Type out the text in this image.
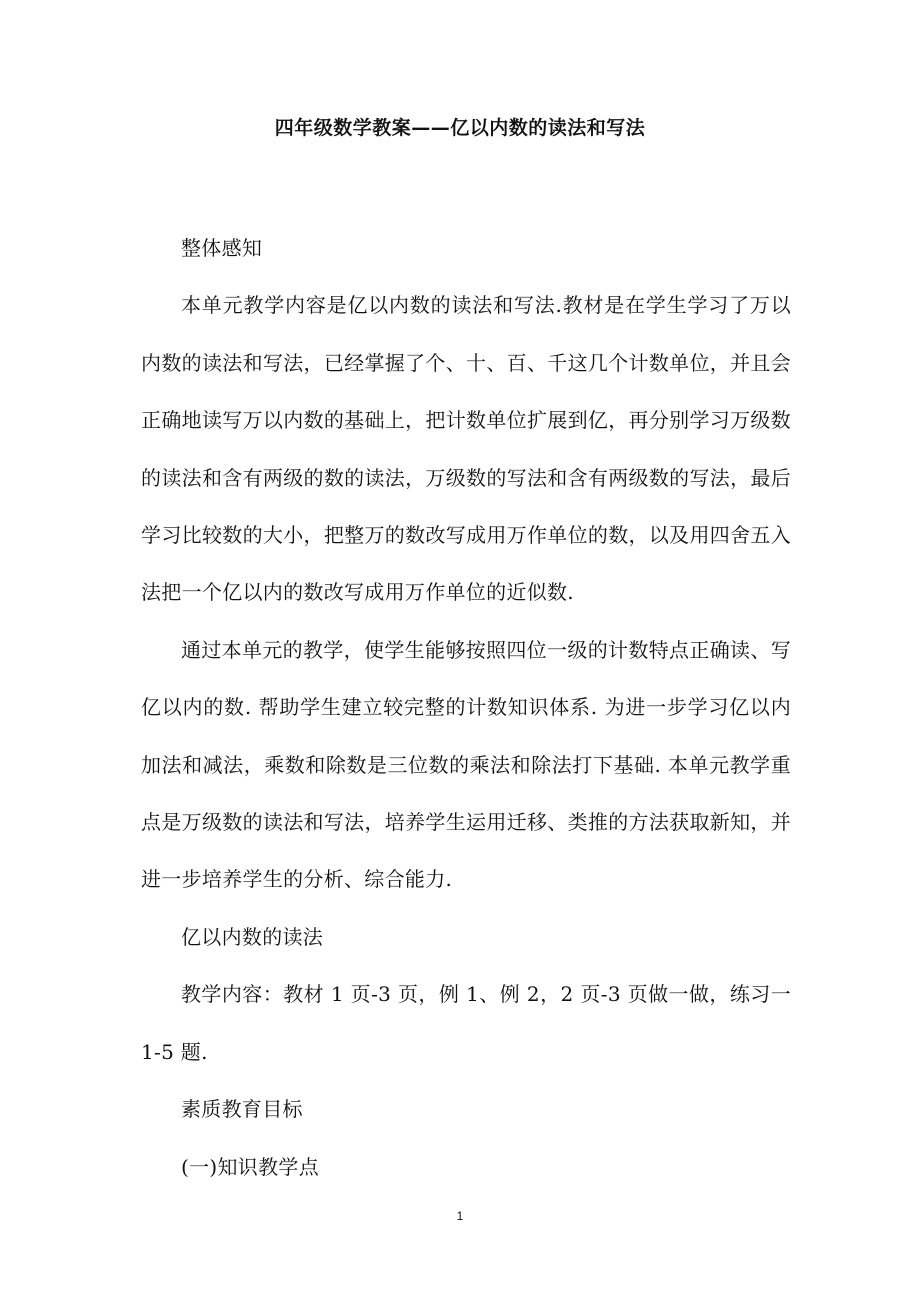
四年级数学教案——亿以内数的读法和写法

整体感知

本单元教学内容是亿以内数的读法和写法.教材是在学生学习了万以内数的读法和写法，已经掌握了个、十、百、千这几个计数单位，并且会正确地读写万以内数的基础上，把计数单位扩展到亿，再分别学习万级数的读法和含有两级的数的读法，万级数的写法和含有两级数的写法，最后学习比较数的大小，把整万的数改写成用万作单位的数，以及用四舍五入法把一个亿以内的数改写成用万作单位的近似数.

通过本单元的教学，使学生能够按照四位一级的计数特点正确读、写亿以内的数. 帮助学生建立较完整的计数知识体系. 为进一步学习亿以内加法和减法，乘数和除数是三位数的乘法和除法打下基础. 本单元教学重点是万级数的读法和写法，培养学生运用迁移、类推的方法获取新知，并进一步培养学生的分析、综合能力.

亿以内数的读法

教学内容：教材 1 页-3 页，例 1、例 2，2 页-3 页做一做，练习一 1-5 题.

素质教育目标

(一)知识教学点

1
